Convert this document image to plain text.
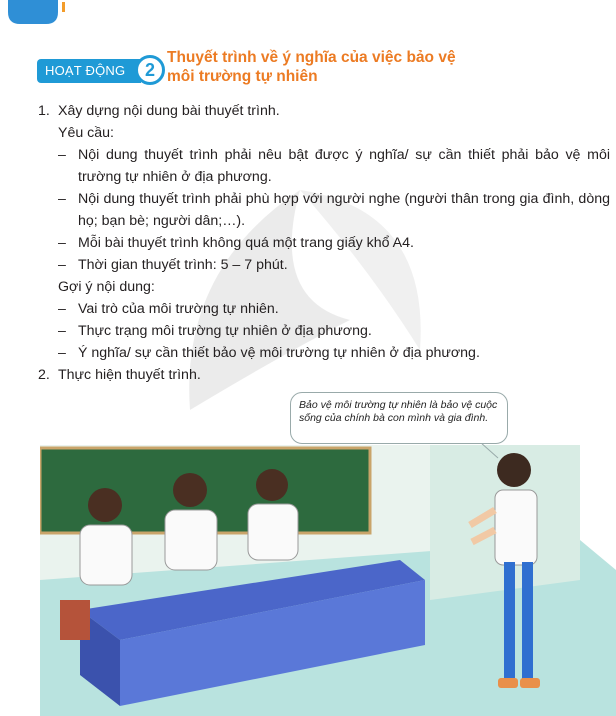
HOẠT ĐỘNG	2
Thuyết trình về ý nghĩa của việc bảo vệ
môi trường tự nhiên
1. Xây dựng nội dung bài thuyết trình.
Yêu cầu:
– Nội dung thuyết trình phải nêu bật được ý nghĩa/ sự cần thiết phải bảo vệ môi trường tự nhiên ở địa phương.
– Nội dung thuyết trình phải phù hợp với người nghe (người thân trong gia đình, dòng họ; bạn bè; người dân;…).
– Mỗi bài thuyết trình không quá một trang giấy khổ A4.
– Thời gian thuyết trình: 5 – 7 phút.
Gợi ý nội dung:
– Vai trò của môi trường tự nhiên.
– Thực trạng môi trường tự nhiên ở địa phương.
– Ý nghĩa/ sự cần thiết bảo vệ môi trường tự nhiên ở địa phương.
2. Thực hiện thuyết trình.
Bảo vệ môi trường tự nhiên là bảo vệ cuộc sống của chính bà con mình và gia đình.
